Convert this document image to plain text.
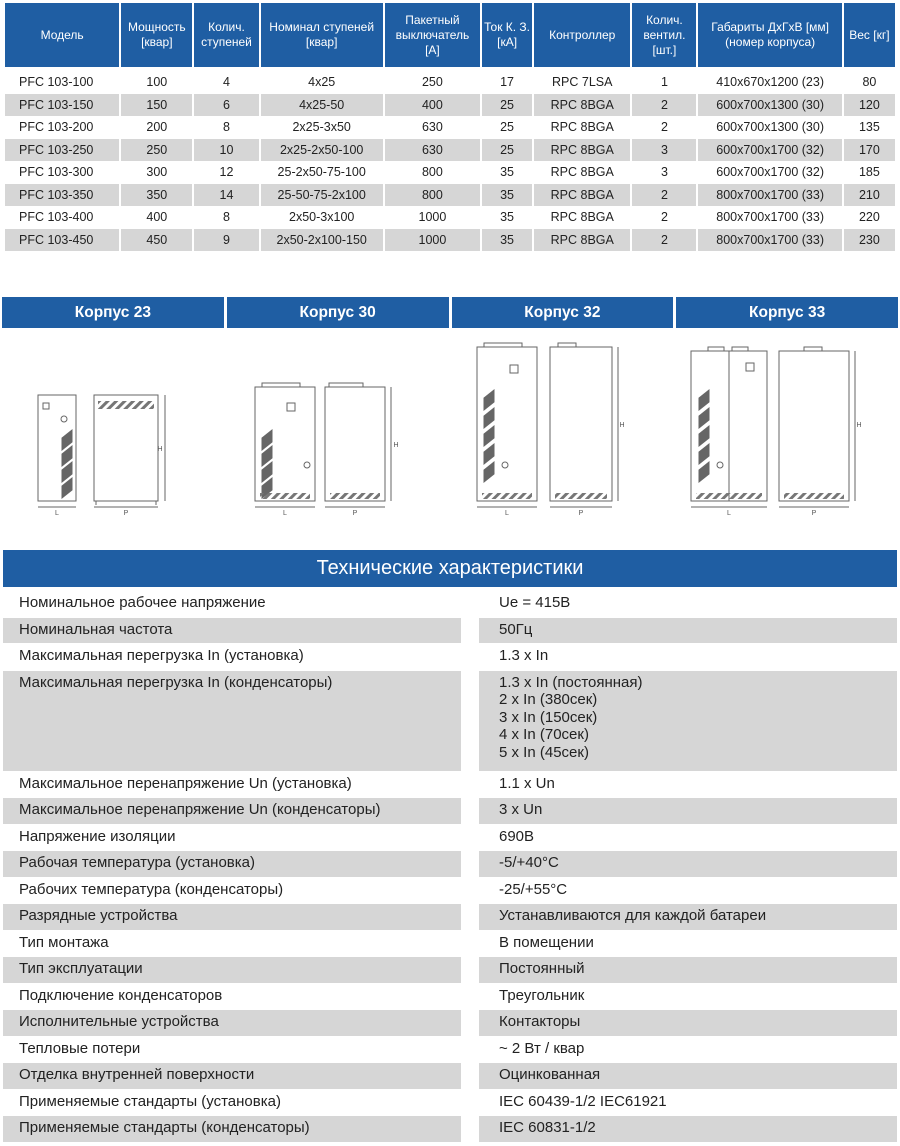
Модель	Мощность [квар]	Колич. ступеней	Номинал ступеней [квар]	Пакетный выключатель [А]	Ток К. З. [кА]	Контроллер	Колич. вентил. [шт.]	Габариты ДхГхВ [мм] (номер корпуса)	Вес [кг]
PFC 103-100	100	4	4x25	250	17	RPC 7LSA	1	410x670x1200 (23)	80
PFC 103-150	150	6	4x25-50	400	25	RPC 8BGA	2	600x700x1300 (30)	120
PFC 103-200	200	8	2x25-3x50	630	25	RPC 8BGA	2	600x700x1300 (30)	135
PFC 103-250	250	10	2x25-2x50-100	630	25	RPC 8BGA	3	600x700x1700 (32)	170
PFC 103-300	300	12	25-2x50-75-100	800	35	RPC 8BGA	3	600x700x1700 (32)	185
PFC 103-350	350	14	25-50-75-2x100	800	35	RPC 8BGA	2	800x700x1700 (33)	210
PFC 103-400	400	8	2x50-3x100	1000	35	RPC 8BGA	2	800x700x1700 (33)	220
PFC 103-450	450	9	2x50-2x100-150	1000	35	RPC 8BGA	2	800x700x1700 (33)	230
Корпус 23	Корпус 30	Корпус 32	Корпус 33
L
H
P	L
H
P	L
H
P	L
H
P
Технические характеристики
Номинальное рабочее напряжение		Ue = 415В
Номинальная частота		50Гц
Максимальная перегрузка In (установка)		1.3 x In
Максимальная перегрузка In (конденсаторы)		1.3 x In (постоянная)
2 x In (380сек)
3 x In (150сек)
4 x In (70сек)
5 x In (45сек)

Максимальное перенапряжение Un (установка)		1.1 x Un
Максимальное перенапряжение Un (конденсаторы)		3 x Un
Напряжение изоляции		690В
Рабочая температура (установка)		-5/+40°C
Рабочих температура (конденсаторы)		-25/+55°C
Разрядные устройства		Устанавливаются для каждой батареи
Тип монтажа		В помещении
Тип эксплуатации		Постоянный
Подключение конденсаторов		Треугольник
Исполнительные устройства		Контакторы
Тепловые потери		~ 2 Вт / квар
Отделка внутренней поверхности		Оцинкованная
Применяемые стандарты (установка)		IEC 60439-1/2 IEC61921
Применяемые стандарты (конденсаторы)		IEC 60831-1/2
